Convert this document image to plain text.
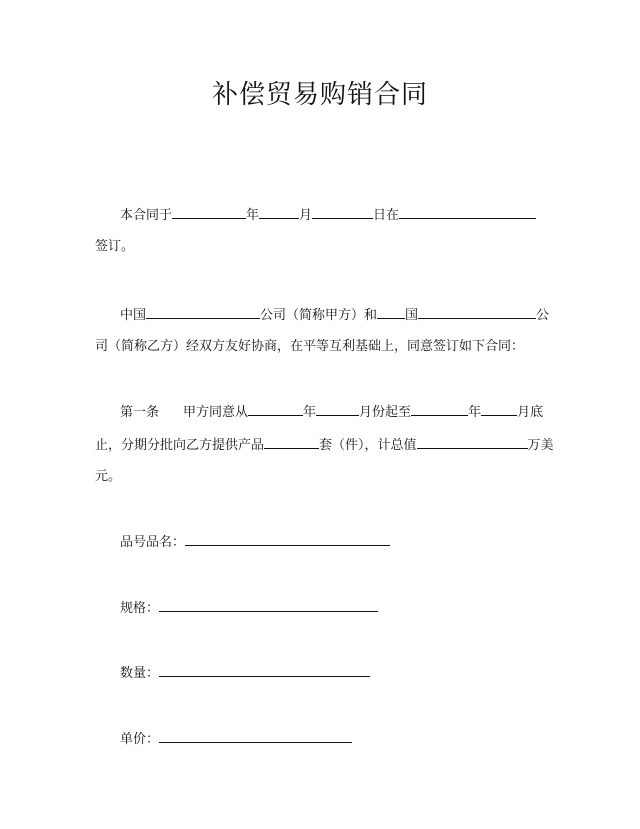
补偿贸易购销合同
本合同于	年	月	日在
签订。
中国	公司（简称甲方）和 国	公
司（简称乙方）经双方友好协商，在平等互利基础上，同意签订如下合同：
第一条 甲方同意从	年	月份起至	年	月底
止，分期分批向乙方提供产品	套（件），计总值	万美
元。
品号品名：
规格：
数量：
单价：
